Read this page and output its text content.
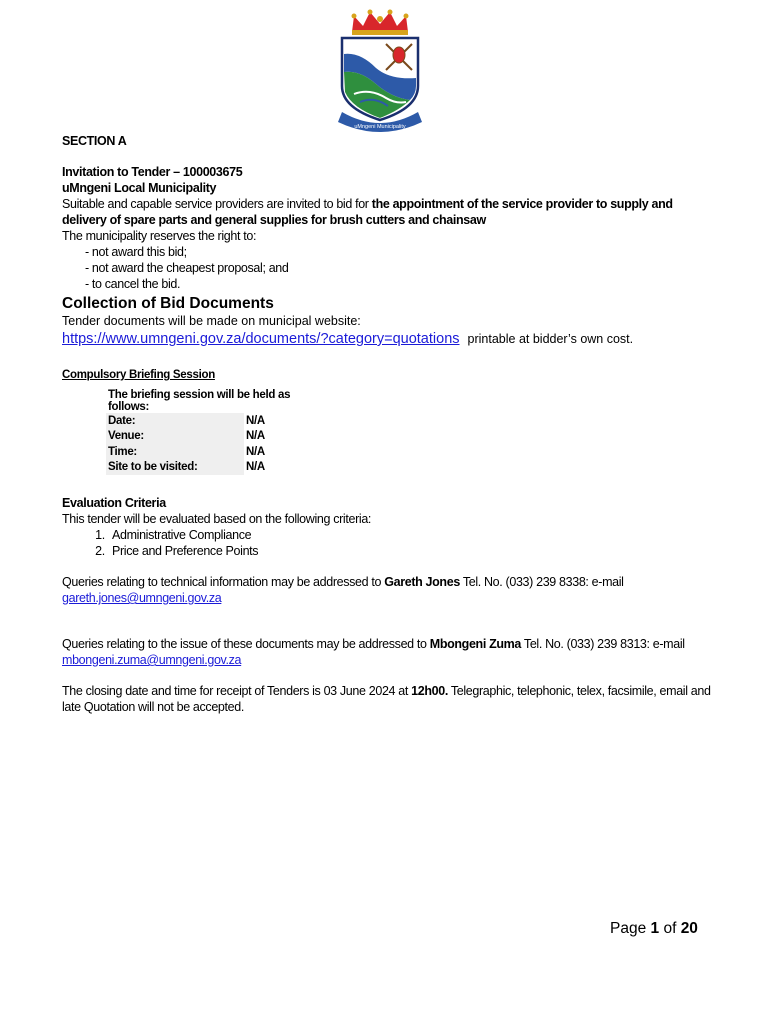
uMngeni Municipality
SECTION A
Invitation to Tender – 100003675
uMngeni Local Municipality
Suitable and capable service providers are invited to bid for the appointment of the service provider to supply and delivery of spare parts and general supplies for brush cutters and chainsaw
The municipality reserves the right to:
- not award this bid;
- not award the cheapest proposal; and
- to cancel the bid.
Collection of Bid Documents
Tender documents will be made on municipal website:
https://www.umngeni.gov.za/documents/?category=quotations printable at bidder’s own cost.
Compulsory Briefing Session
The briefing session will be held as follows:	
Date:	N/A
Venue:	N/A
Time:	N/A
Site to be visited:	N/A
Evaluation Criteria
This tender will be evaluated based on the following criteria:
1. Administrative Compliance
2. Price and Preference Points
Queries relating to technical information may be addressed to Gareth Jones Tel. No. (033) 239 8338: e-mail
gareth.jones@umngeni.gov.za
Queries relating to the issue of these documents may be addressed to Mbongeni Zuma Tel. No. (033) 239 8313: e-mail
mbongeni.zuma@umngeni.gov.za
The closing date and time for receipt of Tenders is 03 June 2024 at 12h00. Telegraphic, telephonic, telex, facsimile, email and late Quotation will not be accepted.
Page 1 of 20
